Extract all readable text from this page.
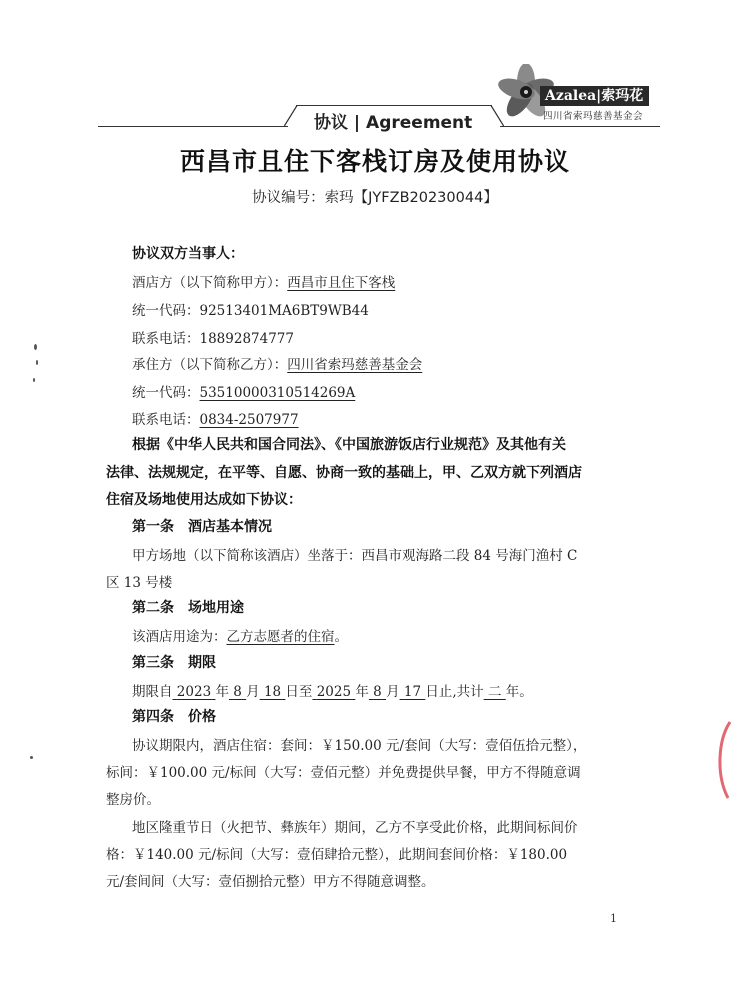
Azalea|索玛花
四川省索玛慈善基金会
协议 | Agreement
西昌市且住下客栈订房及使用协议
协议编号：索玛【JYFZB20230044】
协议双方当事人：
酒店方（以下简称甲方）：西昌市且住下客栈
统一代码：92513401MA6BT9WB44
联系电话：18892874777
承住方（以下简称乙方）：四川省索玛慈善基金会
统一代码：53510000310514269A
联系电话：0834-2507977
根据《中华人民共和国合同法》、《中国旅游饭店行业规范》及其他有关
法律、法规规定，在平等、自愿、协商一致的基础上，甲、乙双方就下列酒店
住宿及场地使用达成如下协议：
第一条　酒店基本情况
甲方场地（以下简称该酒店）坐落于：西昌市观海路二段 84 号海门渔村 C
区 13 号楼
第二条　场地用途
该酒店用途为：乙方志愿者的住宿。
第三条　期限
期限自 2023 年 8 月 18 日至 2025 年 8 月 17 日止,共计 二 年。
第四条　价格
协议期限内，酒店住宿：套间：￥150.00 元/套间（大写：壹佰伍拾元整），
标间：￥100.00 元/标间（大写：壹佰元整）并免费提供早餐，甲方不得随意调
整房价。
地区隆重节日（火把节、彝族年）期间，乙方不享受此价格，此期间标间价
格：￥140.00 元/标间（大写：壹佰肆拾元整），此期间套间价格：￥180.00
元/套间间（大写：壹佰捌拾元整）甲方不得随意调整。
1
